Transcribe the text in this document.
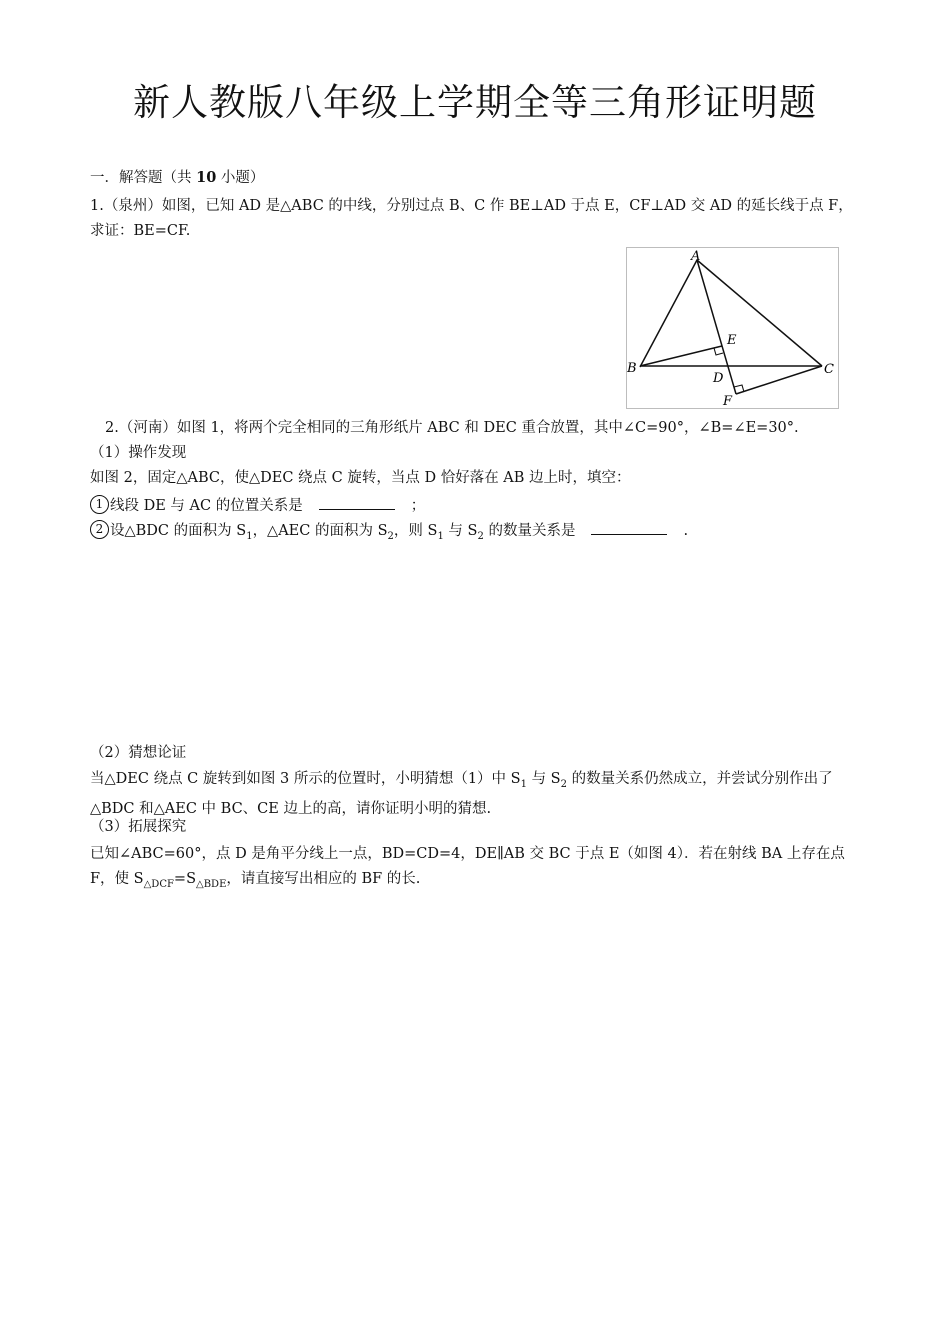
新人教版八年级上学期全等三角形证明题
一．解答题（共 10 小题）
1.（泉州）如图，已知 AD 是△ABC 的中线，分别过点 B、C 作 BE⊥AD 于点 E，CF⊥AD 交 AD 的延长线于点 F，求证：BE=CF.
A
B	C
D
E
F
2.（河南）如图 1，将两个完全相同的三角形纸片 ABC 和 DEC 重合放置，其中∠C=90°，∠B=∠E=30°.
（1）操作发现
如图 2，固定△ABC，使△DEC 绕点 C 旋转，当点 D 恰好落在 AB 边上时，填空：
1 线段 DE 与 AC 的位置关系是	；
2 设△BDC 的面积为 $S_1$，△AEC 的面积为 $S_2$，则 $S_1$ 与 $S_2$ 的数量关系是	.
（2）猜想论证
当△DEC 绕点 C 旋转到如图 3 所示的位置时，小明猜想（1）中 $S_1$ 与 $S_2$ 的数量关系仍然成立，并尝试分别作出了△BDC 和△AEC 中 BC、CE 边上的高，请你证明小明的猜想.
（3）拓展探究
已知∠ABC=60°，点 D 是角平分线上一点，BD=CD=4，DE∥AB 交 BC 于点 E（如图 4）．若在射线 BA 上存在点 F，使 $S_{\triangle DCF}=S_{\triangle BDE}$，请直接写出相应的 BF 的长.
